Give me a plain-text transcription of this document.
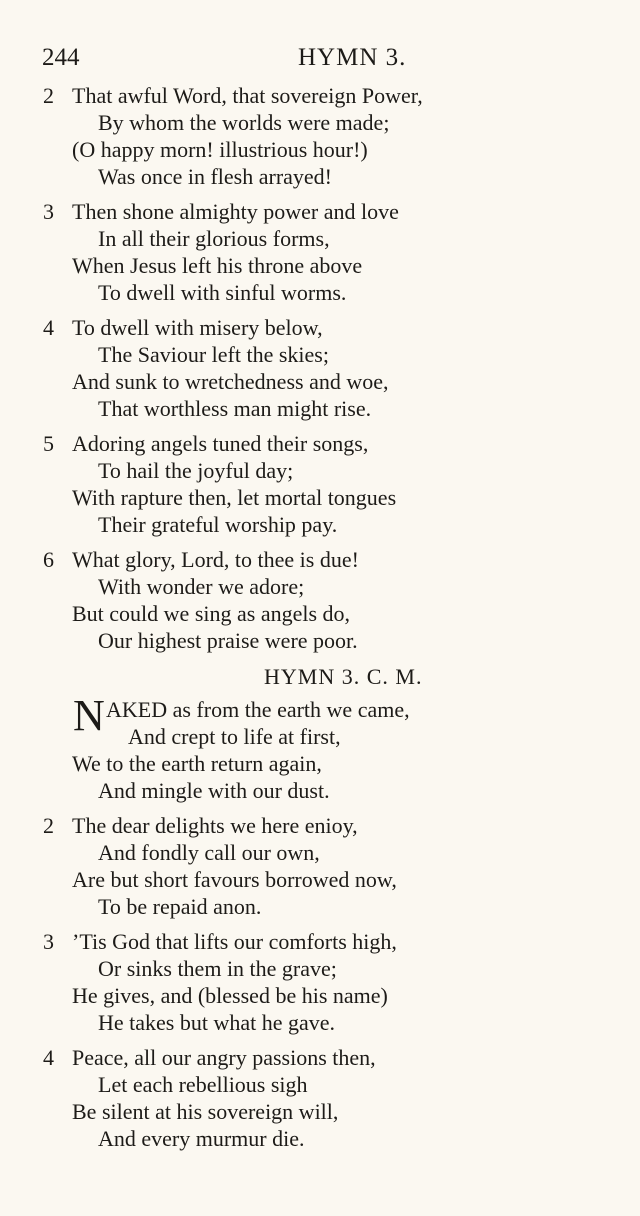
244	HYMN 3.
2 That awful Word, that sovereign Power,
By whom the worlds were made;
(O happy morn! illustrious hour!)
Was once in flesh arrayed!
3 Then shone almighty power and love
In all their glorious forms,
When Jesus left his throne above
To dwell with sinful worms.
4 To dwell with misery below,
The Saviour left the skies;
And sunk to wretchedness and woe,
That worthless man might rise.
5 Adoring angels tuned their songs,
To hail the joyful day;
With rapture then, let mortal tongues
Their grateful worship pay.
6 What glory, Lord, to thee is due!
With wonder we adore;
But could we sing as angels do,
Our highest praise were poor.
HYMN 3. C. M.
N AKED as from the earth we came,
And crept to life at first,
We to the earth return again,
And mingle with our dust.
2 The dear delights we here enioy,
And fondly call our own,
Are but short favours borrowed now,
To be repaid anon.
3 ’Tis God that lifts our comforts high,
Or sinks them in the grave;
He gives, and (blessed be his name)
He takes but what he gave.
4 Peace, all our angry passions then,
Let each rebellious sigh
Be silent at his sovereign will,
And every murmur die.
